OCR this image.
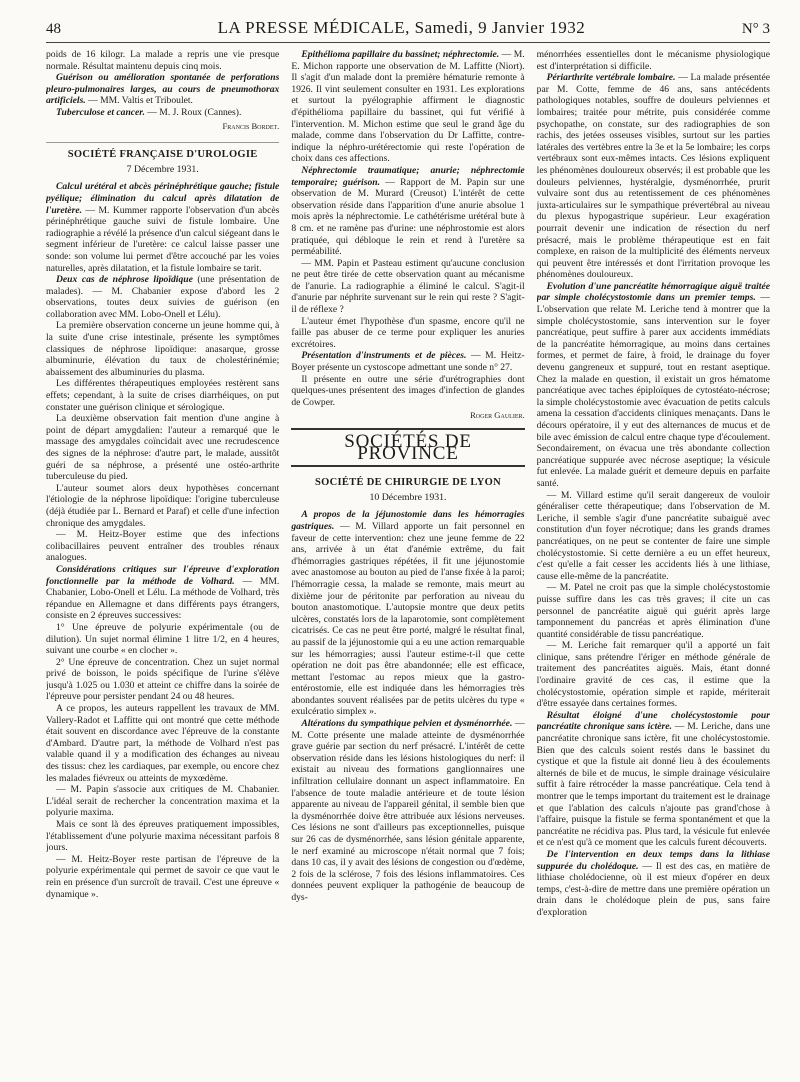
48	LA PRESSE MÉDICALE, Samedi, 9 Janvier 1932	N° 3

poids de 16 kilogr. La malade a repris une vie presque normale. Résultat maintenu depuis cinq mois.

Guérison ou amélioration spontanée de perforations pleuro-pulmonaires larges, au cours de pneumothorax artificiels. — MM. Valtis et Triboulet.

Tuberculose et cancer. — M. J. Roux (Cannes).

Francis Bordet.
SOCIÉTÉ FRANÇAISE D'UROLOGIE
7 Décembre 1931.

Calcul urétéral et abcès périnéphrétique gauche; fistule pyélique; élimination du calcul après dilatation de l'uretère. — M. Kummer rapporte l'observation d'un abcès périnéphrétique gauche suivi de fistule lombaire. Une radiographie a révélé la présence d'un calcul siégeant dans le segment inférieur de l'uretère: ce calcul laisse passer une sonde: son volume lui permet d'être accouché par les voies naturelles, après dilatation, et la fistule lombaire se tarit.

Deux cas de néphrose lipoïdique (une présentation de malades). — M. Chabanier expose d'abord les 2 observations, toutes deux suivies de guérison (en collaboration avec MM. Lobo-Onell et Lélu).

La première observation concerne un jeune homme qui, à la suite d'une crise intestinale, présente les symptômes classiques de néphrose lipoïdique: anasarque, grosse albuminurie, élévation du taux de cholestérinémie; abaissement des albuminuries du plasma.

Les différentes thérapeutiques employées restèrent sans effets; cependant, à la suite de crises diarrhéiques, on put constater une guérison clinique et sérologique.

La deuxième observation fait mention d'une angine à point de départ amygdalien: l'auteur a remarqué que le massage des amygdales coïncidait avec une recrudescence des signes de la néphrose: d'autre part, le malade, aussitôt guéri de sa néphrose, a présenté une ostéo-arthrite tuberculeuse du pied.

L'auteur soumet alors deux hypothèses concernant l'étiologie de la néphrose lipoïdique: l'origine tuberculeuse (déjà étudiée par L. Bernard et Paraf) et celle d'une infection chronique des amygdales.

— M. Heitz-Boyer estime que des infections colibacillaires peuvent entraîner des troubles rénaux analogues.

Considérations critiques sur l'épreuve d'exploration fonctionnelle par la méthode de Volhard. — MM. Chabanier, Lobo-Onell et Lélu. La méthode de Volhard, très répandue en Allemagne et dans différents pays étrangers, consiste en 2 épreuves successives:

1° Une épreuve de polyurie expérimentale (ou de dilution). Un sujet normal élimine 1 litre 1/2, en 4 heures, suivant une courbe « en clocher ».

2° Une épreuve de concentration. Chez un sujet normal privé de boisson, le poids spécifique de l'urine s'élève jusqu'à 1.025 ou 1.030 et atteint ce chiffre dans la soirée de l'épreuve pour persister pendant 24 ou 48 heures.

A ce propos, les auteurs rappellent les travaux de MM. Vallery-Radot et Laffitte qui ont montré que cette méthode était souvent en discordance avec l'épreuve de la constante d'Ambard. D'autre part, la méthode de Volhard n'est pas valable quand il y a modification des échanges au niveau des tissus: chez les cardiaques, par exemple, ou encore chez les malades fiévreux ou atteints de myxœdème.

— M. Papin s'associe aux critiques de M. Chabanier. L'idéal serait de rechercher la concentration maxima et la polyurie maxima.

Mais ce sont là des épreuves pratiquement impossibles, l'établissement d'une polyurie maxima nécessitant parfois 8 jours.

— M. Heitz-Boyer reste partisan de l'épreuve de la polyurie expérimentale qui permet de savoir ce que vaut le rein en présence d'un surcroît de travail. C'est une épreuve « dynamique ».

Epithélioma papillaire du bassinet; néphrectomie. — M. E. Michon rapporte une observation de M. Laffitte (Niort). Il s'agit d'un malade dont la première hématurie remonte à 1926. Il vint seulement consulter en 1931. Les explorations et surtout la pyélographie affirment le diagnostic d'épithélioma papillaire du bassinet, qui fut vérifié à l'intervention. M. Michon estime que seul le grand âge du malade, comme dans l'observation du Dr Laffitte, contre-indique la néphro-urétérectomie qui reste l'opération de choix dans ces affections.

Néphrectomie traumatique; anurie; néphrectomie temporaire; guérison. — Rapport de M. Papin sur une observation de M. Murard (Creusot) L'intérêt de cette observation réside dans l'apparition d'une anurie absolue 1 mois après la néphrectomie. Le cathétérisme urétéral bute à 8 cm. et ne ramène pas d'urine: une néphrostomie est alors pratiquée, qui débloque le rein et rend à l'uretère sa perméabilité.

— MM. Papin et Pasteau estiment qu'aucune conclusion ne peut être tirée de cette observation quant au mécanisme de l'anurie. La radiographie a éliminé le calcul. S'agit-il d'anurie par néphrite survenant sur le rein qui reste ? S'agit-il de réflexe ?

L'auteur émet l'hypothèse d'un spasme, encore qu'il ne faille pas abuser de ce terme pour expliquer les anuries excrétoires.

Présentation d'instruments et de pièces. — M. Heitz-Boyer présente un cystoscope admettant une sonde n° 27.

Il présente en outre une série d'urétrographies dont quelques-unes présentent des images d'infection de glandes de Cowper.

Roger Gaulier.
SOCIÉTÉS DE PROVINCE
SOCIÉTÉ DE CHIRURGIE DE LYON
10 Décembre 1931.

A propos de la jéjunostomie dans les hémorragies gastriques. — M. Villard apporte un fait personnel en faveur de cette intervention: chez une jeune femme de 22 ans, arrivée à un état d'anémie extrême, du fait d'hémorragies gastriques répétées, il fit une jéjunostomie avec anastomose au bouton au pied de l'anse fixée à la paroi; l'hémorragie cessa, la malade se remonte, mais meurt au dixième jour de péritonite par perforation au niveau du bouton anastomotique. L'autopsie montre que deux petits ulcères, constatés lors de la laparotomie, sont complètement cicatrisés. Ce cas ne peut être porté, malgré le résultat final, au passif de la jéjunostomie qui a eu une action remarquable sur les hémorragies; aussi l'auteur estime-t-il que cette opération ne doit pas être abandonnée; elle est efficace, mettant l'estomac au repos mieux que la gastro-entérostomie, elle est indiquée dans les hémorragies très abondantes souvent réalisées par de petits ulcères du type « exulcératio simplex ».

Altérations du sympathique pelvien et dysménorrhée. — M. Cotte présente une malade atteinte de dysménorrhée grave guérie par section du nerf présacré. L'intérêt de cette observation réside dans les lésions histologiques du nerf: il existait au niveau des formations ganglionnaires une infiltration cellulaire donnant un aspect inflammatoire. En l'absence de toute maladie antérieure et de toute lésion apparente au niveau de l'appareil génital, il semble bien que la dysménorrhée doive être attribuée aux lésions nerveuses. Ces lésions ne sont d'ailleurs pas exceptionnelles, puisque sur 26 cas de dysménorrhée, sans lésion génitale apparente, le nerf examiné au microscope n'était normal que 7 fois; dans 10 cas, il y avait des lésions de congestion ou d'œdème, 2 fois de la sclérose, 7 fois des lésions inflammatoires. Ces données peuvent expliquer la pathogénie de beaucoup de dys-

ménorrhées essentielles dont le mécanisme physiologique est d'interprétation si difficile.

Périarthrite vertébrale lombaire. — La malade présentée par M. Cotte, femme de 46 ans, sans antécédents pathologiques notables, souffre de douleurs pelviennes et lombaires; traitée pour métrite, puis considérée comme psychopathe, on constate, sur des radiographies de son rachis, des jetées osseuses visibles, surtout sur les parties latérales des vertèbres entre la 3e et la 5e lombaire; les corps vertébraux sont eux-mêmes intacts. Ces lésions expliquent les phénomènes douloureux observés; il est probable que les douleurs pelviennes, hystéralgie, dysménorrhée, prurit vulvaire sont dus au retentissement de ces phénomènes juxta-articulaires sur le sympathique prévertébral au niveau du plexus hypogastrique supérieur. Leur exagération pourrait devenir une indication de résection du nerf présacré, mais le problème thérapeutique est en fait complexe, en raison de la multiplicité des éléments nerveux qui peuvent être intéressés et dont l'irritation provoque les phénomènes douloureux.

Evolution d'une pancréatite hémorragique aiguë traitée par simple cholécystostomie dans un premier temps. — L'observation que relate M. Leriche tend à montrer que la simple cholécystostomie, sans intervention sur le foyer pancréatique, peut suffire à parer aux accidents immédiats de la pancréatite hémorragique, au moins dans certaines formes, et permet de faire, à froid, le drainage du foyer devenu gangreneux et suppuré, tout en restant aseptique. Chez la malade en question, il existait un gros hématome pancréatique avec taches épiploïques de cytostéato-nécrose; la simple cholécystostomie avec évacuation de petits calculs amena la cessation d'accidents cliniques menaçants. Dans le décours opératoire, il y eut des alternances de mucus et de bile avec émission de calcul entre chaque type d'écoulement. Secondairement, on évacua une très abondante collection pancréatique suppurée avec nécrose aseptique; la vésicule fut enlevée. La malade guérit et demeure depuis en parfaite santé.

— M. Villard estime qu'il serait dangereux de vouloir généraliser cette thérapeutique; dans l'observation de M. Leriche, il semble s'agir d'une pancréatite subaiguë avec constitution d'un foyer nécrotique; dans les grands drames pancréatiques, on ne peut se contenter de faire une simple cholécystostomie. Si cette dernière a eu un effet heureux, c'est qu'elle a fait cesser les accidents liés à une lithiase, cause elle-même de la pancréatite.

— M. Patel ne croit pas que la simple cholécystostomie puisse suffire dans les cas très graves; il cite un cas personnel de pancréatite aiguë qui guérit après large tamponnement du pancréas et après élimination d'une quantité considérable de tissu pancréatique.

— M. Leriche fait remarquer qu'il a apporté un fait clinique, sans prétendre l'ériger en méthode générale de traitement des pancréatites aiguës. Mais, étant donné l'ordinaire gravité de ces cas, il estime que la cholécystostomie, opération simple et rapide, mériterait d'être essayée dans certaines formes.

Résultat éloigné d'une cholécystostomie pour pancréatite chronique sans ictère. — M. Leriche, dans une pancréatite chronique sans ictère, fit une cholécystostomie. Bien que des calculs soient restés dans le bassinet du cystique et que la fistule ait donné lieu à des écoulements alternés de bile et de mucus, le simple drainage vésiculaire suffit à faire rétrocéder la masse pancréatique. Cela tend à montrer que le temps important du traitement est le drainage et que l'ablation des calculs n'ajoute pas grand'chose à l'affaire, puisque la fistule se ferma spontanément et que la pancréatite ne récidiva pas. Plus tard, la vésicule fut enlevée et ce n'est qu'à ce moment que les calculs furent découverts.

De l'intervention en deux temps dans la lithiase suppurée du cholédoque. — Il est des cas, en matière de lithiase cholédocienne, où il est mieux d'opérer en deux temps, c'est-à-dire de mettre dans une première opération un drain dans le cholédoque plein de pus, sans faire d'exploration
